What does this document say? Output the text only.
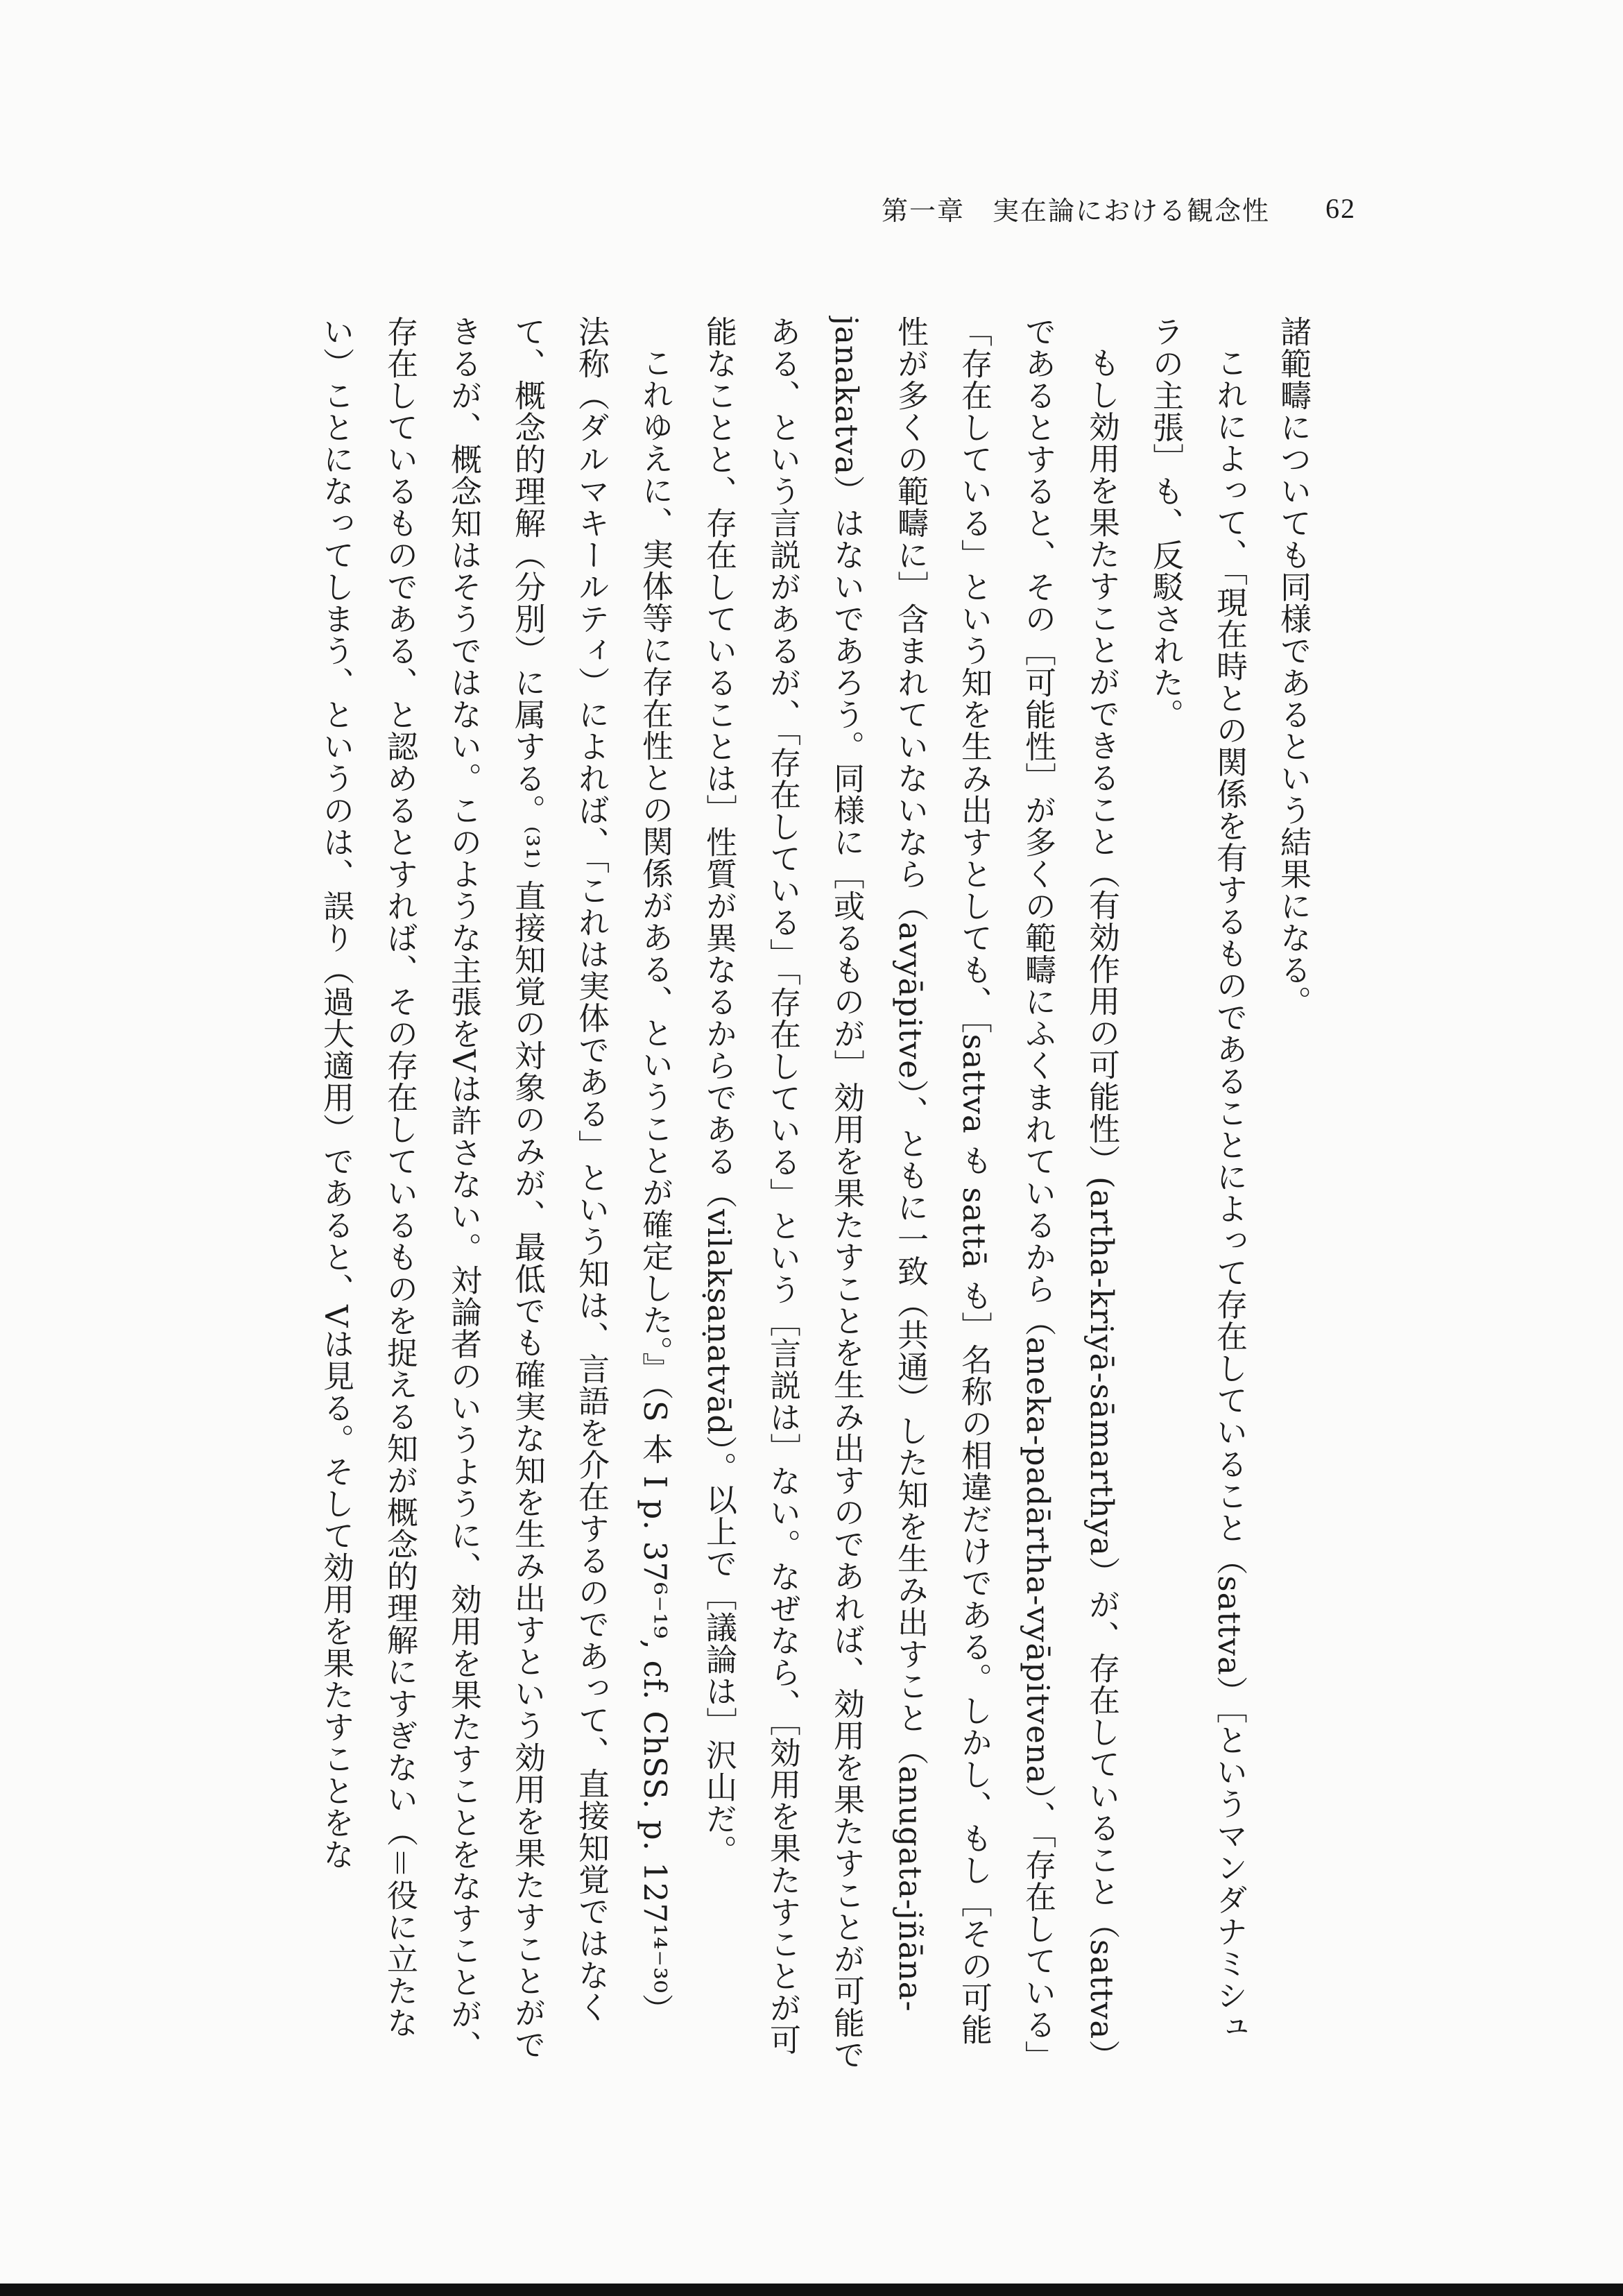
第一章　実在論における観念性 62

諸範疇についても同様であるという結果になる。

これによって、「現在時との関係を有するものであることによって存在していること（sattva）［というマンダナミシュラの主張］も、反駁された。

もし効用を果たすことができること（有効作用の可能性）(artha-kriyā-sāmarthya）が、存在していること（sattva）であるとすると、その［可能性］が多くの範疇にふくまれているから（aneka-padārtha-vyāpitvena）、「存在している」「存在している」という知を生み出すとしても、［sattva も sattā も］名称の相違だけである。しかし、もし［その可能性が多くの範疇に］含まれていないなら（avyāpitve）、ともに一致（共通）した知を生み出すこと（anugata-jñāna-janakatva）はないであろう。同様に［或るものが］効用を果たすことを生み出すのであれば、効用を果たすことが可能である、という言説があるが、「存在している」「存在している」という［言説は］ない。なぜなら、［効用を果たすことが可能なことと、存在していることは］性質が異なるからである（vilakṣaṇatvād）。以上で［議論は］沢山だ。

これゆえに、実体等に存在性との関係がある、ということが確定した。』（S 本 I p. 37⁶⁻¹⁹, cf. ChSS. p. 127¹⁴⁻³⁰）

法称（ダルマキールティ）によれば、「これは実体である」という知は、言語を介在するのであって、直接知覚ではなくて、概念的理解（分別）に属する。⁽³¹⁾ 直接知覚の対象のみが、最低でも確実な知を生み出すという効用を果たすことができるが、概念知はそうではない。このような主張をVは許さない。対論者のいうように、効用を果たすことをなすことが、存在しているものである、と認めるとすれば、その存在しているものを捉える知が概念的理解にすぎない（＝役に立たない）ことになってしまう、というのは、誤り（過大適用）であると、Vは見る。そして効用を果たすことをな
